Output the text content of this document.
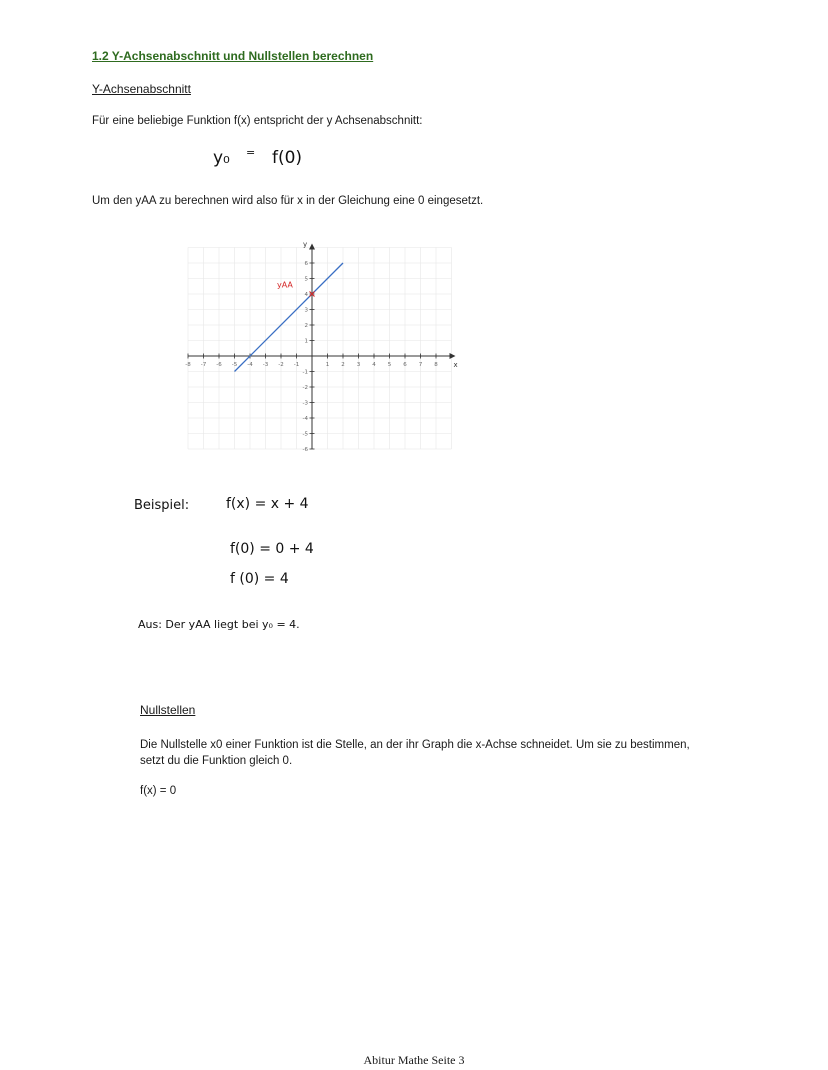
1.2 Y-Achsenabschnitt und Nullstellen berechnen
Y-Achsenabschnitt
Für eine beliebige Funktion f(x) entspricht der y Achsenabschnitt:
y₀ = f(0)
Um den yAA zu berechnen wird also für x in der Gleichung eine 0 eingesetzt.
x
y
-8 -7 -6 -5 -4 -3 -2 -1	1 2 3 4 5 6 7 8
-6
-5
-4
-3
-2
-1
1
2
3
4
5
6
yAA
Beispiel:	f(x) = x + 4
f(0) = 0 + 4
f (0) = 4
Aus: Der yAA liegt bei y₀ = 4.
Nullstellen
Die Nullstelle x0 einer Funktion ist die Stelle, an der ihr Graph die x-Achse schneidet. Um sie zu bestimmen, setzt du die Funktion gleich 0.
f(x) = 0
Abitur Mathe Seite 3
